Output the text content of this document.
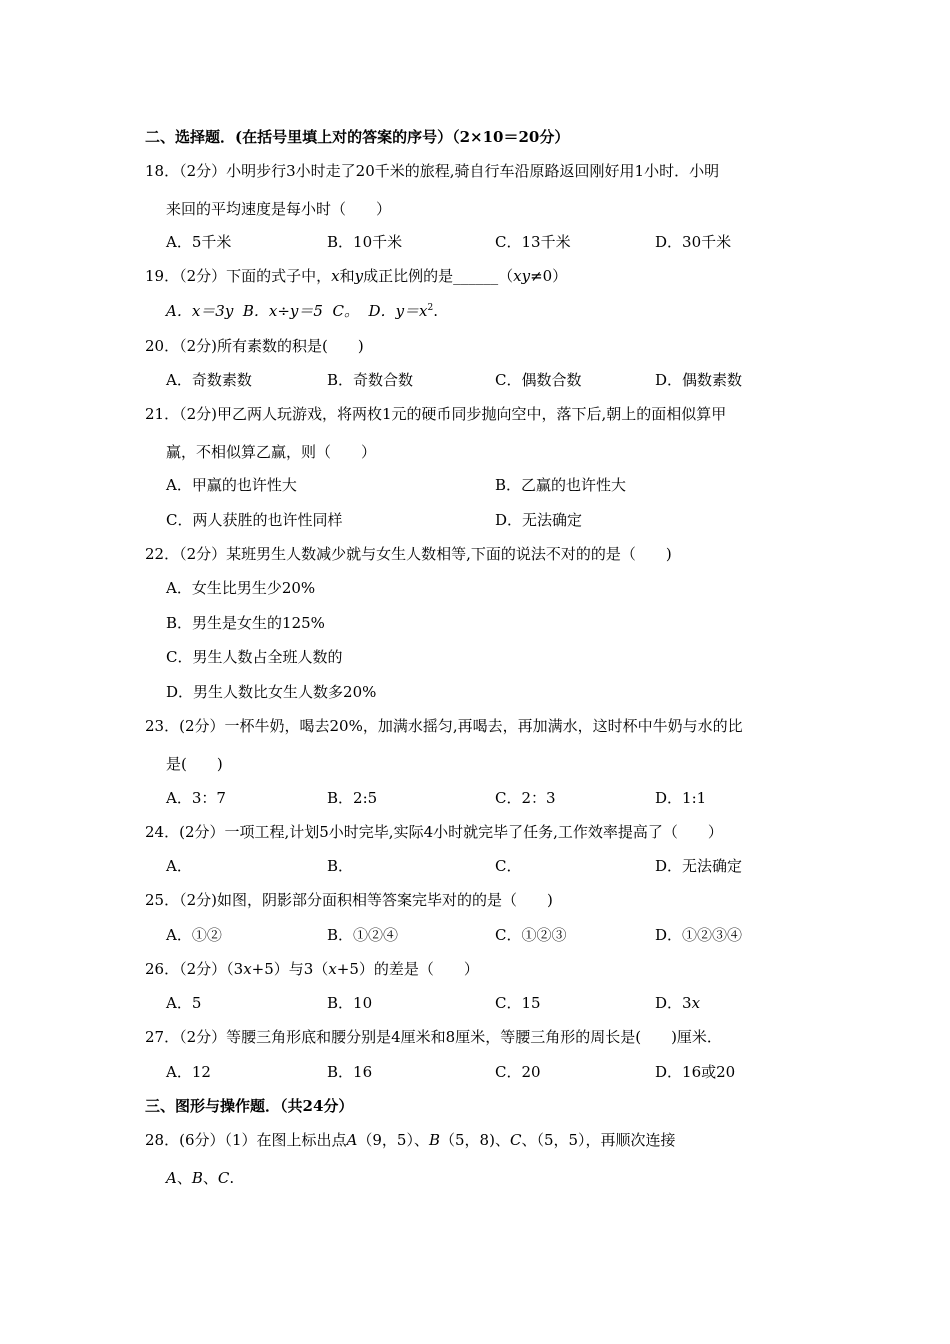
二、选择题．(在括号里填上对的答案的序号）（2×10＝20分）
18．（2分）小明步行3小时走了20千米的旅程,骑自行车沿原路返回刚好用1小时．小明
来回的平均速度是每小时（　　）
A．5千米	B．10千米	C．13千米	D．30千米
19．（2分）下面的式子中，x和y成正比例的是______（xy≠0）
A．x＝3y B．x÷y＝5 C。 D．$y=x^2$.
20．（2分)所有素数的积是(　　)
A．奇数素数	B．奇数合数	C．偶数合数	D．偶数素数
21．（2分)甲乙两人玩游戏，将两枚1元的硬币同步抛向空中，落下后,朝上的面相似算甲
赢，不相似算乙赢，则（　　）
A．甲赢的也许性大	B．乙赢的也许性大
C．两人获胜的也许性同样	D．无法确定
22．（2分）某班男生人数减少就与女生人数相等,下面的说法不对的的是（　　)
A．女生比男生少20%
B．男生是女生的125%
C．男生人数占全班人数的
D．男生人数比女生人数多20%
23．(2分）一杯牛奶，喝去20%，加满水摇匀,再喝去，再加满水，这时杯中牛奶与水的比
是(　　)
A．3：7	B．2:5	C．2：3	D．1:1
24．(2分）一项工程,计划5小时完毕,实际4小时就完毕了任务,工作效率提高了（　　）
A．	B．	C．	D．无法确定
25．（2分)如图，阴影部分面积相等答案完毕对的的是（　　)
A．①②	B．①②④	C．①②③	D．①②③④
26．（2分）（3x+5）与3（x+5）的差是（　　）
A．5	B．10	C．15	D．3x
27．（2分）等腰三角形底和腰分别是4厘米和8厘米，等腰三角形的周长是(　　)厘米．
A．12	B．16	C．20	D．16或20
三、图形与操作题．（共24分）
28．(6分）（1）在图上标出点A（9，5）、B（5，8)、C、（5，5），再顺次连接
A、B、C.
